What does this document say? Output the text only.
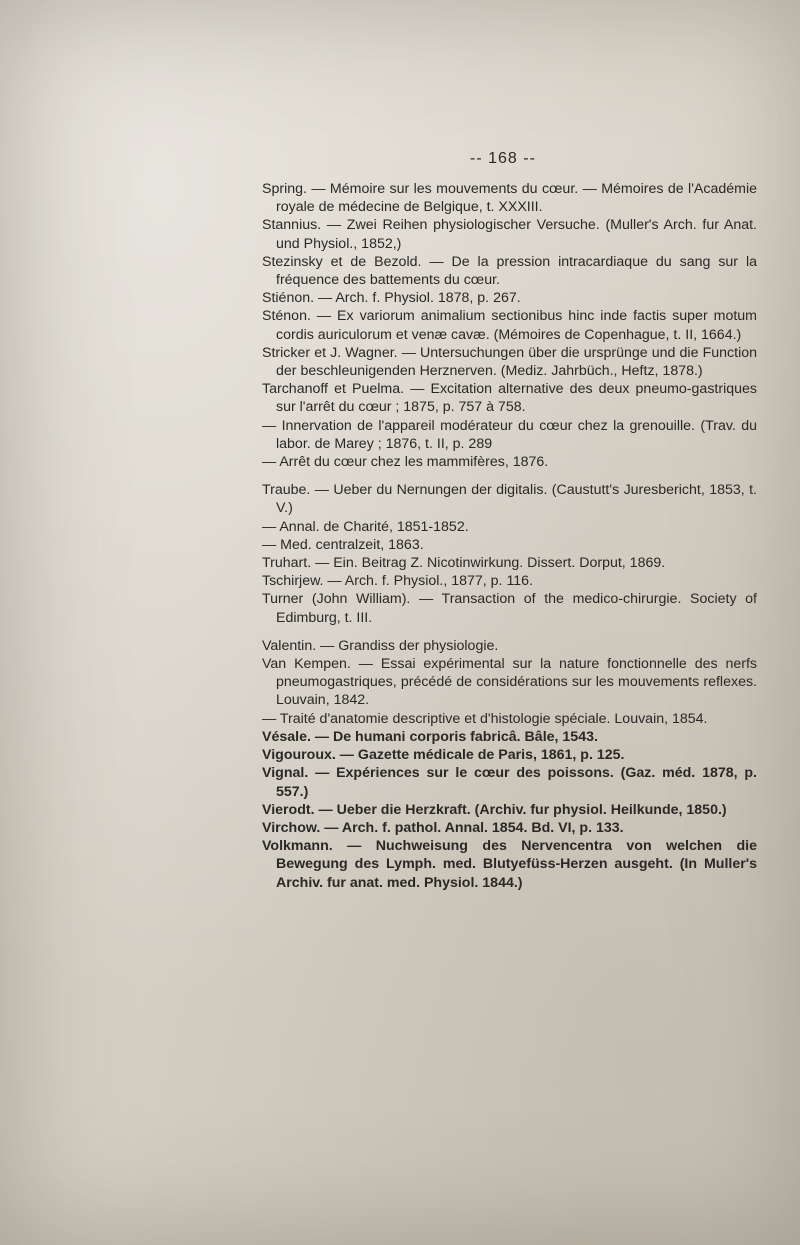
-- 168 --

Spring. — Mémoire sur les mouvements du cœur. — Mémoires de l'Académie royale de médecine de Belgique, t. XXXIII.

Stannius. — Zwei Reihen physiologischer Versuche. (Muller's Arch. fur Anat. und Physiol., 1852,)

Stezinsky et de Bezold. — De la pression intracardiaque du sang sur la fréquence des battements du cœur.

Stiénon. — Arch. f. Physiol. 1878, p. 267.

Sténon. — Ex variorum animalium sectionibus hinc inde factis super motum cordis auriculorum et venæ cavæ. (Mémoires de Copenhague, t. II, 1664.)

Stricker et J. Wagner. — Untersuchungen über die ursprünge und die Function der beschleunigenden Herznerven. (Mediz. Jahrbüch., Heftz, 1878.)

Tarchanoff et Puelma. — Excitation alternative des deux pneumo-gastriques sur l'arrêt du cœur ; 1875, p. 757 à 758.

— Innervation de l'appareil modérateur du cœur chez la grenouille. (Trav. du labor. de Marey ; 1876, t. II, p. 289

— Arrêt du cœur chez les mammifères, 1876.

Traube. — Ueber du Nernungen der digitalis. (Caustutt's Juresbericht, 1853, t. V.)

— Annal. de Charité, 1851-1852.

— Med. centralzeit, 1863.

Truhart. — Ein. Beitrag Z. Nicotinwirkung. Dissert. Dorput, 1869.

Tschirjew. — Arch. f. Physiol., 1877, p. 116.

Turner (John William). — Transaction of the medico-chirurgie. Society of Edimburg, t. III.

Valentin. — Grandiss der physiologie.

Van Kempen. — Essai expérimental sur la nature fonctionnelle des nerfs pneumogastriques, précédé de considérations sur les mouvements reflexes. Louvain, 1842.

— Traité d'anatomie descriptive et d'histologie spéciale. Louvain, 1854.

Vésale. — De humani corporis fabricâ. Bâle, 1543.

Vigouroux. — Gazette médicale de Paris, 1861, p. 125.

Vignal. — Expériences sur le cœur des poissons. (Gaz. méd. 1878, p. 557.)

Vierodt. — Ueber die Herzkraft. (Archiv. fur physiol. Heilkunde, 1850.)

Virchow. — Arch. f. pathol. Annal. 1854. Bd. VI, p. 133.

Volkmann. — Nuchweisung des Nervencentra von welchen die Bewegung des Lymph. med. Blutyefüss-Herzen ausgeht. (In Muller's Archiv. fur anat. med. Physiol. 1844.)
